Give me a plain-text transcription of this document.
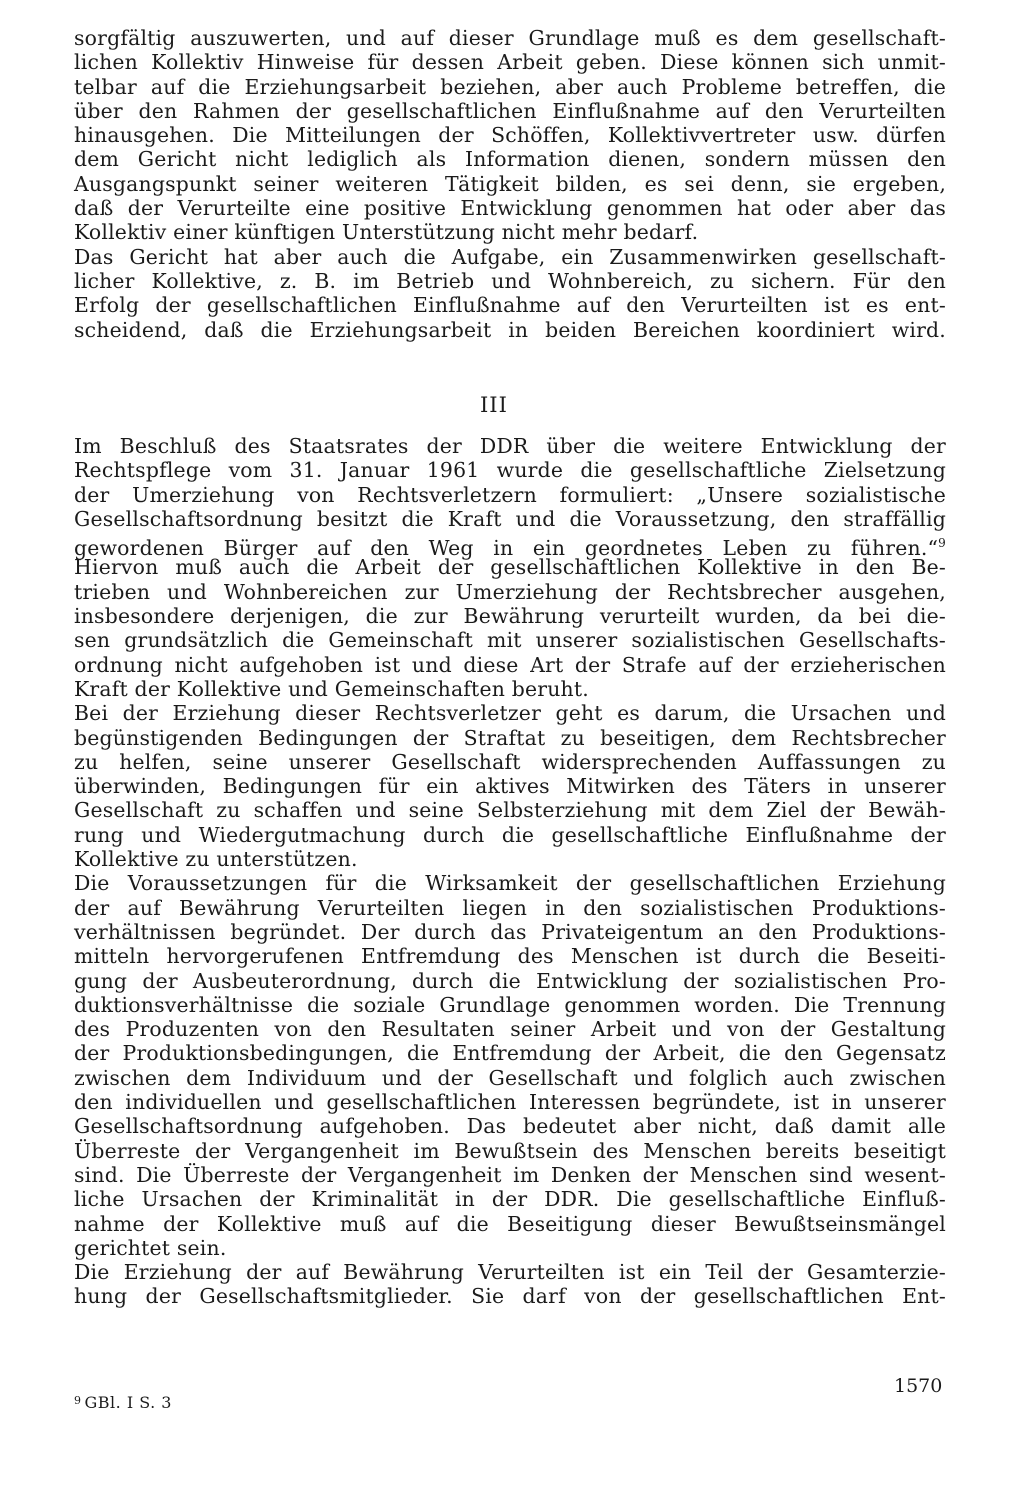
sorgfältig auszuwerten, und auf dieser Grundlage muß es dem gesellschaft-
lichen Kollektiv Hinweise für dessen Arbeit geben. Diese können sich unmit-
telbar auf die Erziehungsarbeit beziehen, aber auch Probleme betreffen, die
über den Rahmen der gesellschaftlichen Einflußnahme auf den Verurteilten
hinausgehen. Die Mitteilungen der Schöffen, Kollektivvertreter usw. dürfen
dem Gericht nicht lediglich als Information dienen, sondern müssen den
Ausgangspunkt seiner weiteren Tätigkeit bilden, es sei denn, sie ergeben,
daß der Verurteilte eine positive Entwicklung genommen hat oder aber das
Kollektiv einer künftigen Unterstützung nicht mehr bedarf.
Das Gericht hat aber auch die Aufgabe, ein Zusammenwirken gesellschaft-
licher Kollektive, z. B. im Betrieb und Wohnbereich, zu sichern. Für den
Erfolg der gesellschaftlichen Einflußnahme auf den Verurteilten ist es ent-
scheidend, daß die Erziehungsarbeit in beiden Bereichen koordiniert wird.
III
Im Beschluß des Staatsrates der DDR über die weitere Entwicklung der
Rechtspflege vom 31. Januar 1961 wurde die gesellschaftliche Zielsetzung
der Umerziehung von Rechtsverletzern formuliert: „Unsere sozialistische
Gesellschaftsordnung besitzt die Kraft und die Voraussetzung, den straffällig
gewordenen Bürger auf den Weg in ein geordnetes Leben zu führen.“$^9$
Hiervon muß auch die Arbeit der gesellschaftlichen Kollektive in den Be-
trieben und Wohnbereichen zur Umerziehung der Rechtsbrecher ausgehen,
insbesondere derjenigen, die zur Bewährung verurteilt wurden, da bei die-
sen grundsätzlich die Gemeinschaft mit unserer sozialistischen Gesellschafts-
ordnung nicht aufgehoben ist und diese Art der Strafe auf der erzieherischen
Kraft der Kollektive und Gemeinschaften beruht.
Bei der Erziehung dieser Rechtsverletzer geht es darum, die Ursachen und
begünstigenden Bedingungen der Straftat zu beseitigen, dem Rechtsbrecher
zu helfen, seine unserer Gesellschaft widersprechenden Auffassungen zu
überwinden, Bedingungen für ein aktives Mitwirken des Täters in unserer
Gesellschaft zu schaffen und seine Selbsterziehung mit dem Ziel der Bewäh-
rung und Wiedergutmachung durch die gesellschaftliche Einflußnahme der
Kollektive zu unterstützen.
Die Voraussetzungen für die Wirksamkeit der gesellschaftlichen Erziehung
der auf Bewährung Verurteilten liegen in den sozialistischen Produktions-
verhältnissen begründet. Der durch das Privateigentum an den Produktions-
mitteln hervorgerufenen Entfremdung des Menschen ist durch die Beseiti-
gung der Ausbeuterordnung, durch die Entwicklung der sozialistischen Pro-
duktionsverhältnisse die soziale Grundlage genommen worden. Die Trennung
des Produzenten von den Resultaten seiner Arbeit und von der Gestaltung
der Produktionsbedingungen, die Entfremdung der Arbeit, die den Gegensatz
zwischen dem Individuum und der Gesellschaft und folglich auch zwischen
den individuellen und gesellschaftlichen Interessen begründete, ist in unserer
Gesellschaftsordnung aufgehoben. Das bedeutet aber nicht, daß damit alle
Überreste der Vergangenheit im Bewußtsein des Menschen bereits beseitigt
sind. Die Überreste der Vergangenheit im Denken der Menschen sind wesent-
liche Ursachen der Kriminalität in der DDR. Die gesellschaftliche Einfluß-
nahme der Kollektive muß auf die Beseitigung dieser Bewußtseinsmängel
gerichtet sein.
Die Erziehung der auf Bewährung Verurteilten ist ein Teil der Gesamterzie-
hung der Gesellschaftsmitglieder. Sie darf von der gesellschaftlichen Ent-
$^9$ GBl. I S. 3
1570
